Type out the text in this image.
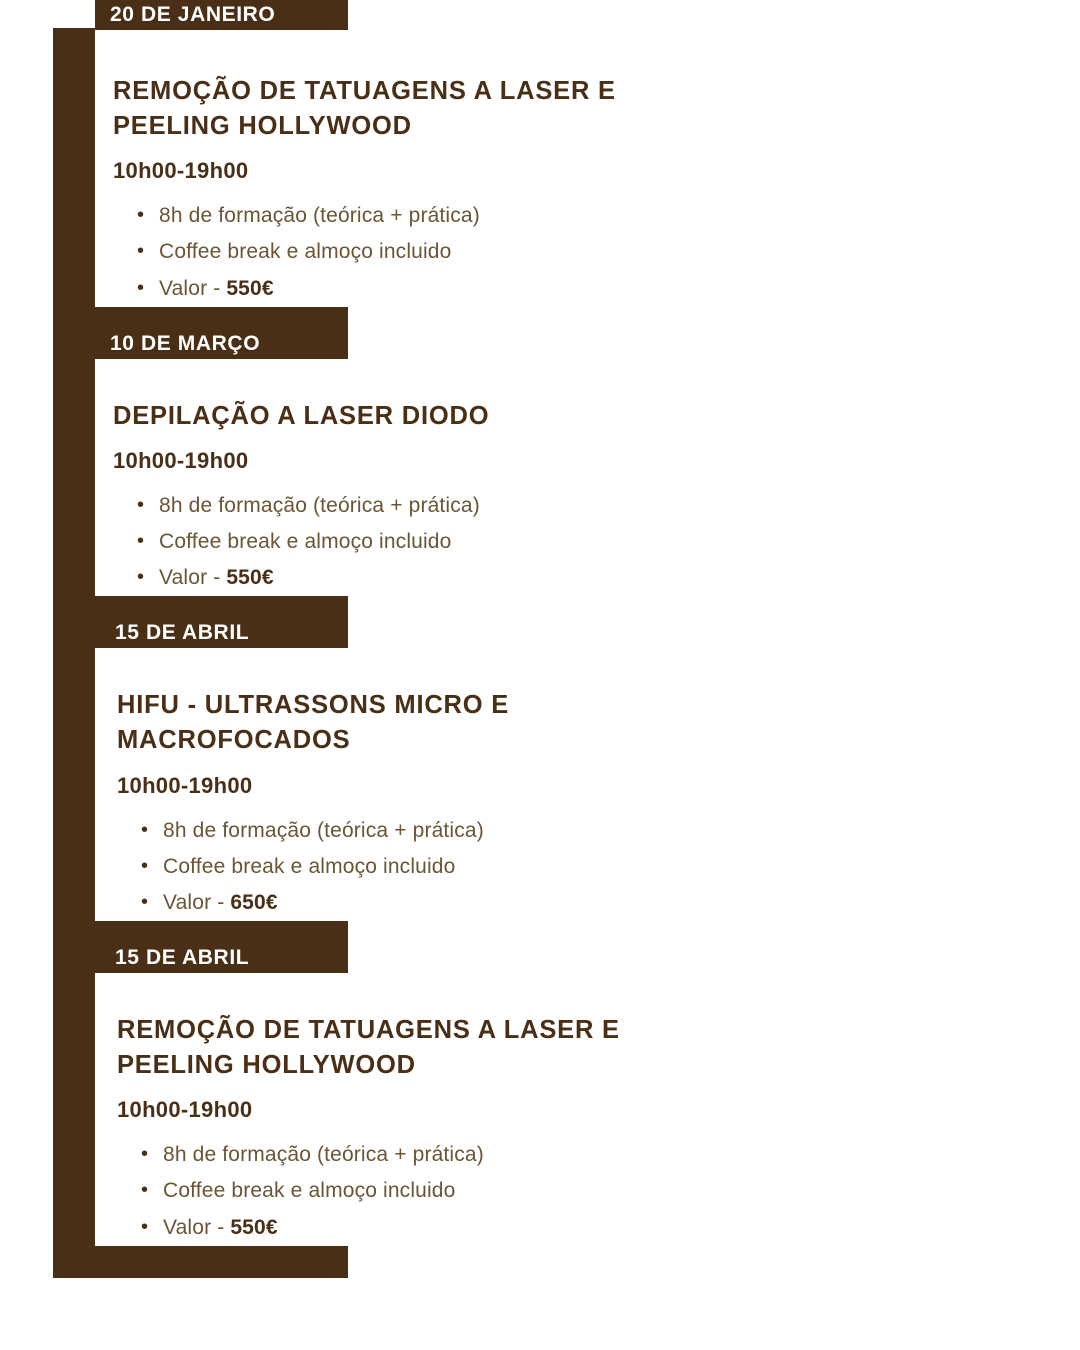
20 DE JANEIRO
REMOÇÃO DE TATUAGENS A LASER E PEELING HOLLYWOOD
10h00-19h00
• 8h de formação (teórica + prática)
• Coffee break e almoço incluido
• Valor - 550€
10 DE MARÇO
DEPILAÇÃO A LASER DIODO
10h00-19h00
• 8h de formação (teórica + prática)
• Coffee break e almoço incluido
• Valor - 550€
15 DE ABRIL
HIFU - ULTRASSONS MICRO E MACROFOCADOS
10h00-19h00
• 8h de formação (teórica + prática)
• Coffee break e almoço incluido
• Valor - 650€
15 DE ABRIL
REMOÇÃO DE TATUAGENS A LASER E PEELING HOLLYWOOD
10h00-19h00
• 8h de formação (teórica + prática)
• Coffee break e almoço incluido
• Valor - 550€
